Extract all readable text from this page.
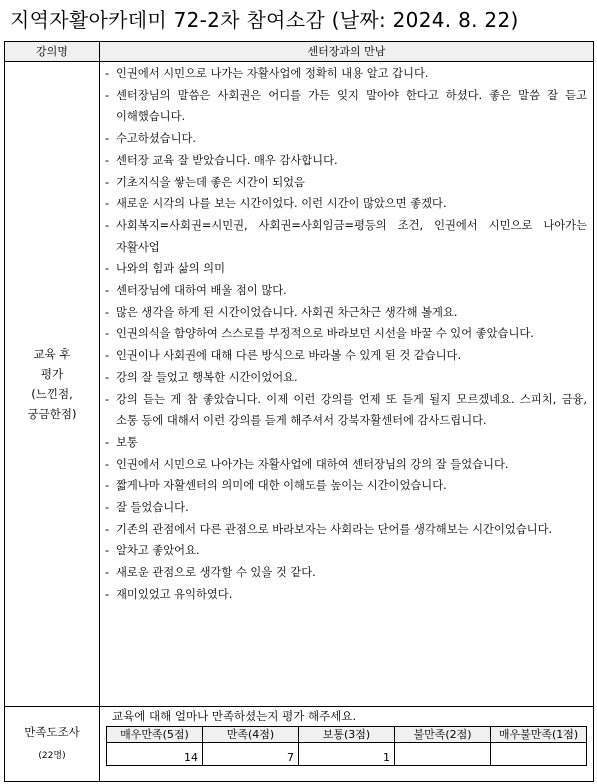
지역자활아카데미 72-2차 참여소감 (날짜: 2024. 8. 22)
강의명	센터장과의 만남

교육 후
평가
(느낀점,
궁금한점)

- 인권에서 시민으로 나가는 자활사업에 정확히 내용 알고 갑니다.
- 센터장님의 말씀은 사회권은 어디를 가든 잊지 말아야 한다고 하셨다. 좋은 말씀 잘 듣고 이해했습니다.
- 수고하셨습니다.
- 센터장 교육 잘 받았습니다. 매우 감사합니다.
- 기초지식을 쌓는데 좋은 시간이 되었음
- 새로운 시각의 나를 보는 시간이었다. 이런 시간이 많았으면 좋겠다.
- 사회복지=사회권=시민권, 사회권=사회임금=평등의 조건, 인권에서 시민으로 나아가는 자활사업
- 나와의 힘과 삶의 의미
- 센터장님에 대하여 배울 점이 많다.
- 많은 생각을 하게 된 시간이었습니다. 사회권 차근차근 생각해 볼게요.
- 인권의식을 함양하여 스스로를 부정적으로 바라보던 시선을 바꿀 수 있어 좋았습니다.
- 인권이나 사회권에 대해 다른 방식으로 바라볼 수 있게 된 것 같습니다.
- 강의 잘 들었고 행복한 시간이었어요.
- 강의 듣는 게 참 좋았습니다. 이제 이런 강의를 언제 또 듣게 될지 모르겠네요. 스피치, 금융, 소통 등에 대해서 이런 강의를 듣게 해주셔서 강북자활센터에 감사드립니다.
- 보통
- 인권에서 시민으로 나아가는 자활사업에 대하여 센터장님의 강의 잘 들었습니다.
- 짧게나마 자활센터의 의미에 대한 이해도를 높이는 시간이었습니다.
- 잘 들었습니다.
- 기존의 관점에서 다른 관점으로 바라보자는 사회라는 단어를 생각해보는 시간이었습니다.
- 알차고 좋았어요.
- 새로운 관점으로 생각할 수 있을 것 같다.
- 재미있었고 유익하였다.

만족도조사
(22명)

교육에 대해 얼마나 만족하셨는지 평가 해주세요.
매우만족(5점)	만족(4점)	보통(3점)	불만족(2점)	매우불만족(1점)
14	7	1		
